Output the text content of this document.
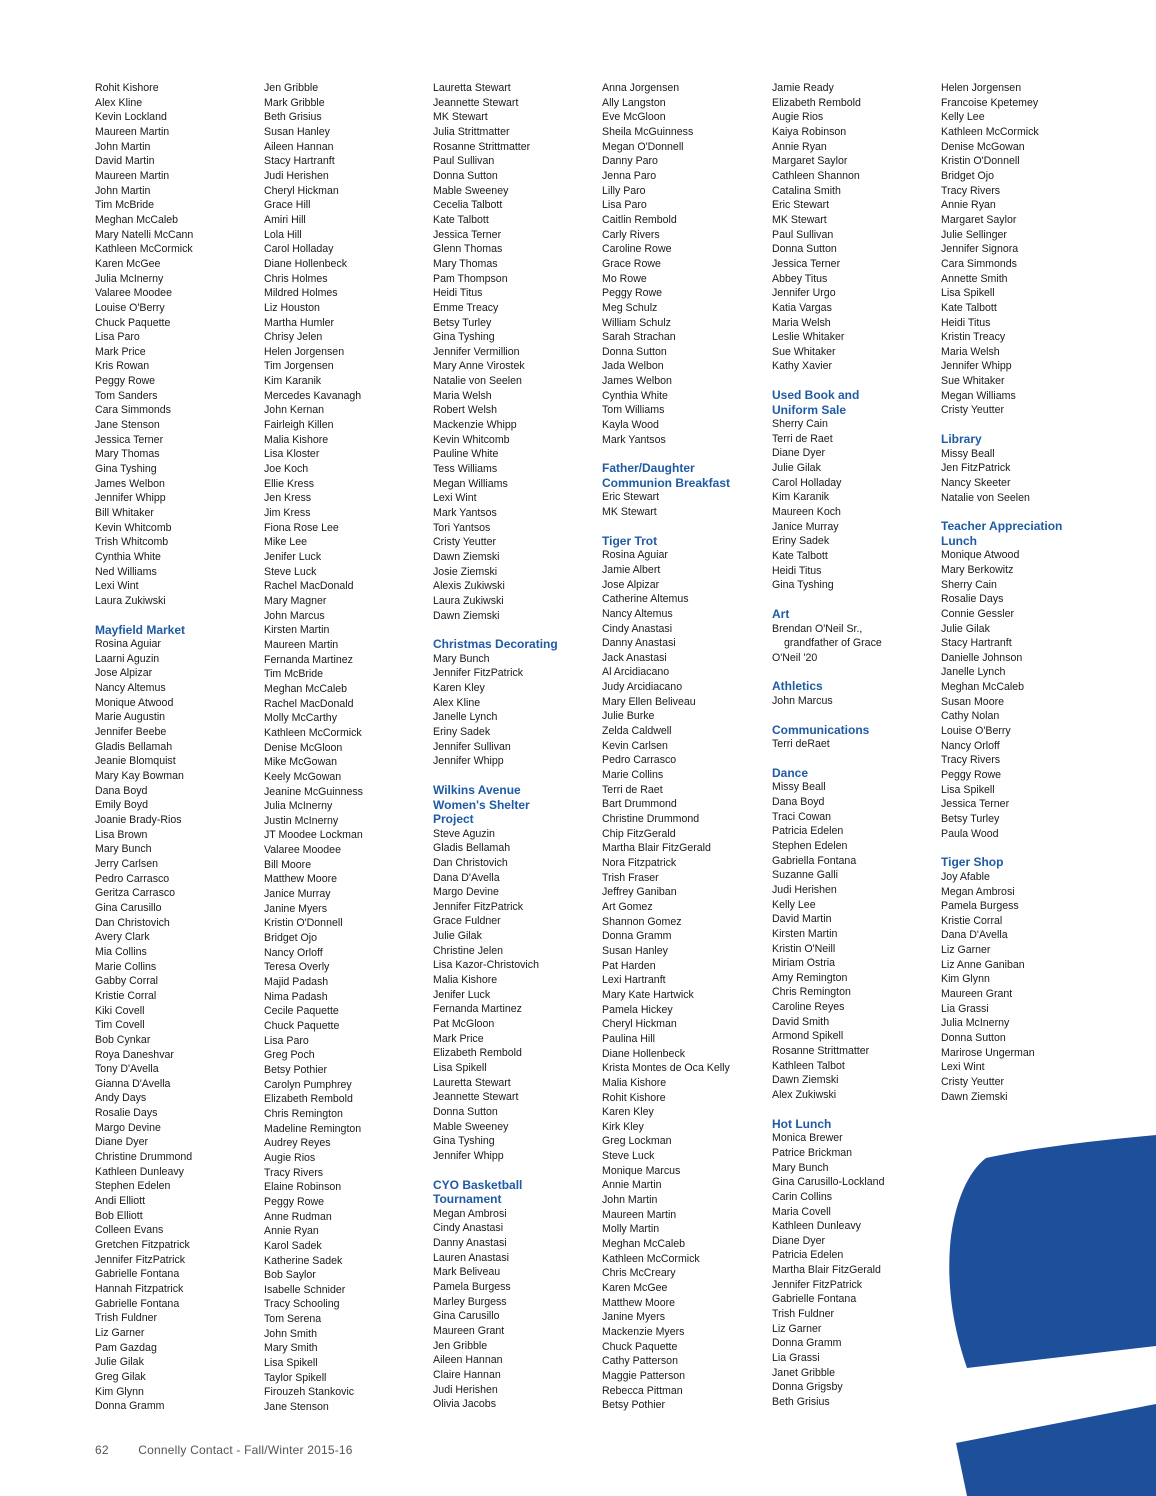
Rohit Kishore
Alex Kline
Kevin Lockland
Maureen Martin
John Martin
David Martin
Maureen Martin
John Martin
Tim McBride
Meghan McCaleb
Mary Natelli McCann
Kathleen McCormick
Karen McGee
Julia McInerny
Valaree Moodee
Louise O'Berry
Chuck Paquette
Lisa Paro
Mark Price
Kris Rowan
Peggy Rowe
Tom Sanders
Cara Simmonds
Jane Stenson
Jessica Terner
Mary Thomas
Gina Tyshing
James Welbon
Jennifer Whipp
Bill Whitaker
Kevin Whitcomb
Trish Whitcomb
Cynthia White
Ned Williams
Lexi Wint
Laura Zukiwski
Mayfield Market
Rosina Aguiar
Laarni Aguzin
Jose Alpizar
Nancy Altemus
Monique Atwood
Marie Augustin
Jennifer Beebe
Gladis Bellamah
Jeanie Blomquist
Mary Kay Bowman
Dana Boyd
Emily Boyd
Joanie Brady-Rios
Lisa Brown
Mary Bunch
Jerry Carlsen
Pedro Carrasco
Geritza Carrasco
Gina Carusillo
Dan Christovich
Avery Clark
Mia Collins
Marie Collins
Gabby Corral
Kristie Corral
Kiki Covell
Tim Covell
Bob Cynkar
Roya Daneshvar
Tony D'Avella
Gianna D'Avella
Andy Days
Rosalie Days
Margo Devine
Diane Dyer
Christine Drummond
Kathleen Dunleavy
Stephen Edelen
Andi Elliott
Bob Elliott
Colleen Evans
Gretchen Fitzpatrick
Jennifer FitzPatrick
Gabrielle Fontana
Hannah Fitzpatrick
Gabrielle Fontana
Trish Fuldner
Liz Garner
Pam Gazdag
Julie Gilak
Greg Gilak
Kim Glynn
Donna Gramm
Jen Gribble
Mark Gribble
Beth Grisius
Susan Hanley
Aileen Hannan
Stacy Hartranft
Judi Herishen
Cheryl Hickman
Grace Hill
Amiri Hill
Lola Hill
Carol Holladay
Diane Hollenbeck
Chris Holmes
Mildred Holmes
Liz Houston
Martha Humler
Chrisy Jelen
Helen Jorgensen
Tim Jorgensen
Kim Karanik
Mercedes Kavanagh
John Kernan
Fairleigh Killen
Malia Kishore
Lisa Kloster
Joe Koch
Ellie Kress
Jen Kress
Jim Kress
Fiona Rose Lee
Mike Lee
Jenifer Luck
Steve Luck
Rachel MacDonald
Mary Magner
John Marcus
Kirsten Martin
Maureen Martin
Fernanda Martinez
Tim McBride
Meghan McCaleb
Rachel MacDonald
Molly McCarthy
Kathleen McCormick
Denise McGloon
Mike McGowan
Keely McGowan
Jeanine McGuinness
Julia McInerny
Justin McInerny
JT Moodee Lockman
Valaree Moodee
Bill Moore
Matthew Moore
Janice Murray
Janine Myers
Kristin O'Donnell
Bridget Ojo
Nancy Orloff
Teresa Overly
Majid Padash
Nima Padash
Cecile Paquette
Chuck Paquette
Lisa Paro
Greg Poch
Betsy Pothier
Carolyn Pumphrey
Elizabeth Rembold
Chris Remington
Madeline Remington
Audrey Reyes
Augie Rios
Tracy Rivers
Elaine Robinson
Peggy Rowe
Anne Rudman
Annie Ryan
Karol Sadek
Katherine Sadek
Bob Saylor
Isabelle Schnider
Tracy Schooling
Tom Serena
John Smith
Mary Smith
Lisa Spikell
Taylor Spikell
Firouzeh Stankovic
Jane Stenson
Lauretta Stewart
Jeannette Stewart
MK Stewart
Julia Strittmatter
Rosanne Strittmatter
Paul Sullivan
Donna Sutton
Mable Sweeney
Cecelia Talbott
Kate Talbott
Jessica Terner
Glenn Thomas
Mary Thomas
Pam Thompson
Heidi Titus
Emme Treacy
Betsy Turley
Gina Tyshing
Jennifer Vermillion
Mary Anne Virostek
Natalie von Seelen
Maria Welsh
Robert Welsh
Mackenzie Whipp
Kevin Whitcomb
Pauline White
Tess Williams
Megan Williams
Lexi Wint
Mark Yantsos
Tori Yantsos
Cristy Yeutter
Dawn Ziemski
Josie Ziemski
Alexis Zukiwski
Laura Zukiwski
Dawn Ziemski
Christmas Decorating
Mary Bunch
Jennifer FitzPatrick
Karen Kley
Alex Kline
Janelle Lynch
Eriny Sadek
Jennifer Sullivan
Jennifer Whipp
Wilkins Avenue
Women's Shelter
Project
Steve Aguzin
Gladis Bellamah
Dan Christovich
Dana D'Avella
Margo Devine
Jennifer FitzPatrick
Grace Fuldner
Julie Gilak
Christine Jelen
Lisa Kazor-Christovich
Malia Kishore
Jenifer Luck
Fernanda Martinez
Pat McGloon
Mark Price
Elizabeth Rembold
Lisa Spikell
Lauretta Stewart
Jeannette Stewart
Donna Sutton
Mable Sweeney
Gina Tyshing
Jennifer Whipp
CYO Basketball
Tournament
Megan Ambrosi
Cindy Anastasi
Danny Anastasi
Lauren Anastasi
Mark Beliveau
Pamela Burgess
Marley Burgess
Gina Carusillo
Maureen Grant
Jen Gribble
Aileen Hannan
Claire Hannan
Judi Herishen
Olivia Jacobs
Anna Jorgensen
Ally Langston
Eve McGloon
Sheila McGuinness
Megan O'Donnell
Danny Paro
Jenna Paro
Lilly Paro
Lisa Paro
Caitlin Rembold
Carly Rivers
Caroline Rowe
Grace Rowe
Mo Rowe
Peggy Rowe
Meg Schulz
William Schulz
Sarah Strachan
Donna Sutton
Jada Welbon
James Welbon
Cynthia White
Tom Williams
Kayla Wood
Mark Yantsos
Father/Daughter
Communion Breakfast
Eric Stewart
MK Stewart
Tiger Trot
Rosina Aguiar
Jamie Albert
Jose Alpizar
Catherine Altemus
Nancy Altemus
Cindy Anastasi
Danny Anastasi
Jack Anastasi
Al Arcidiacano
Judy Arcidiacano
Mary Ellen Beliveau
Julie Burke
Zelda Caldwell
Kevin Carlsen
Pedro Carrasco
Marie Collins
Terri de Raet
Bart Drummond
Christine Drummond
Chip FitzGerald
Martha Blair FitzGerald
Nora Fitzpatrick
Trish Fraser
Jeffrey Ganiban
Art Gomez
Shannon Gomez
Donna Gramm
Susan Hanley
Pat Harden
Lexi Hartranft
Mary Kate Hartwick
Pamela Hickey
Cheryl Hickman
Paulina Hill
Diane Hollenbeck
Krista Montes de Oca Kelly
Malia Kishore
Rohit Kishore
Karen Kley
Kirk Kley
Greg Lockman
Steve Luck
Monique Marcus
Annie Martin
John Martin
Maureen Martin
Molly Martin
Meghan McCaleb
Kathleen McCormick
Chris McCreary
Karen McGee
Matthew Moore
Janine Myers
Mackenzie Myers
Chuck Paquette
Cathy Patterson
Maggie Patterson
Rebecca Pittman
Betsy Pothier
Jamie Ready
Elizabeth Rembold
Augie Rios
Kaiya Robinson
Annie Ryan
Margaret Saylor
Cathleen Shannon
Catalina Smith
Eric Stewart
MK Stewart
Paul Sullivan
Donna Sutton
Jessica Terner
Abbey Titus
Jennifer Urgo
Katia Vargas
Maria Welsh
Leslie Whitaker
Sue Whitaker
Kathy Xavier
Used Book and
Uniform Sale
Sherry Cain
Terri de Raet
Diane Dyer
Julie Gilak
Carol Holladay
Kim Karanik
Maureen Koch
Janice Murray
Eriny Sadek
Kate Talbott
Heidi Titus
Gina Tyshing
Art
Brendan O'Neil Sr.,
grandfather of Grace
O'Neil '20
Athletics
John Marcus
Communications
Terri deRaet
Dance
Missy Beall
Dana Boyd
Traci Cowan
Patricia Edelen
Stephen Edelen
Gabriella Fontana
Suzanne Galli
Judi Herishen
Kelly Lee
David Martin
Kirsten Martin
Kristin O'Neill
Miriam Ostria
Amy Remington
Chris Remington
Caroline Reyes
David Smith
Armond Spikell
Rosanne Strittmatter
Kathleen Talbot
Dawn Ziemski
Alex Zukiwski
Hot Lunch
Monica Brewer
Patrice Brickman
Mary Bunch
Gina Carusillo-Lockland
Carin Collins
Maria Covell
Kathleen Dunleavy
Diane Dyer
Patricia Edelen
Martha Blair FitzGerald
Jennifer FitzPatrick
Gabrielle Fontana
Trish Fuldner
Liz Garner
Donna Gramm
Lia Grassi
Janet Gribble
Donna Grigsby
Beth Grisius
Helen Jorgensen
Francoise Kpetemey
Kelly Lee
Kathleen McCormick
Denise McGowan
Kristin O'Donnell
Bridget Ojo
Tracy Rivers
Annie Ryan
Margaret Saylor
Julie Sellinger
Jennifer Signora
Cara Simmonds
Annette Smith
Lisa Spikell
Kate Talbott
Heidi Titus
Kristin Treacy
Maria Welsh
Jennifer Whipp
Sue Whitaker
Megan Williams
Cristy Yeutter
Library
Missy Beall
Jen FitzPatrick
Nancy Skeeter
Natalie von Seelen
Teacher Appreciation
Lunch
Monique Atwood
Mary Berkowitz
Sherry Cain
Rosalie Days
Connie Gessler
Julie Gilak
Stacy Hartranft
Danielle Johnson
Janelle Lynch
Meghan McCaleb
Susan Moore
Cathy Nolan
Louise O'Berry
Nancy Orloff
Tracy Rivers
Peggy Rowe
Lisa Spikell
Jessica Terner
Betsy Turley
Paula Wood
Tiger Shop
Joy Afable
Megan Ambrosi
Pamela Burgess
Kristie Corral
Dana D'Avella
Liz Garner
Liz Anne Ganiban
Kim Glynn
Maureen Grant
Lia Grassi
Julia McInerny
Donna Sutton
Marirose Ungerman
Lexi Wint
Cristy Yeutter
Dawn Ziemski
62 Connelly Contact - Fall/Winter 2015-16
